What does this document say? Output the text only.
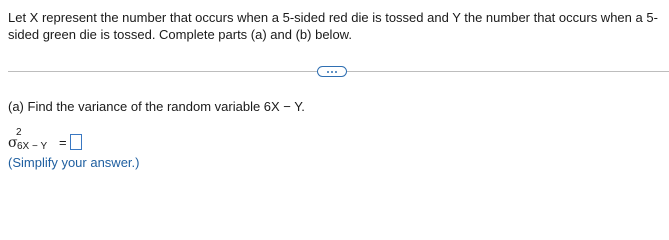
Let X represent the number that occurs when a 5-sided red die is tossed and Y the number that occurs when a 5-sided green die is tossed. Complete parts (a) and (b) below.

(a) Find the variance of the random variable 6X − Y.

σ
2
6X − Y =

(Simplify your answer.)
